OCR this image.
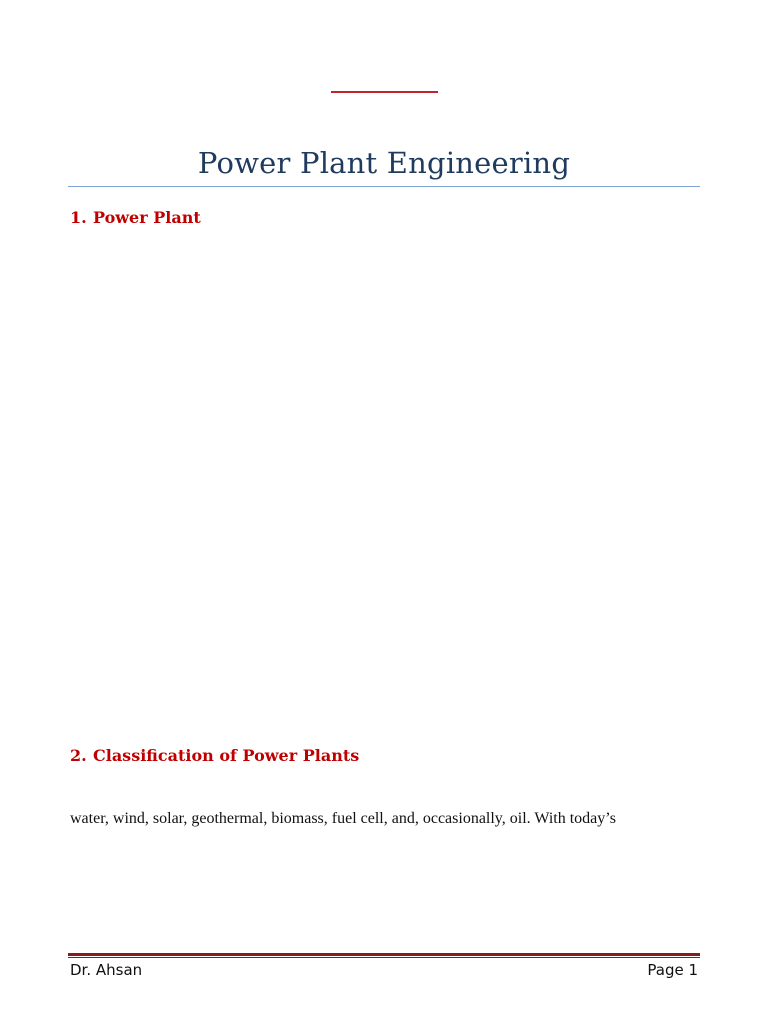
Power Plant Engineering
1. Power Plant
2. Classification of Power Plants
water, wind, solar, geothermal, biomass, fuel cell, and, occasionally, oil. With today’s
Dr. Ahsan	Page 1
